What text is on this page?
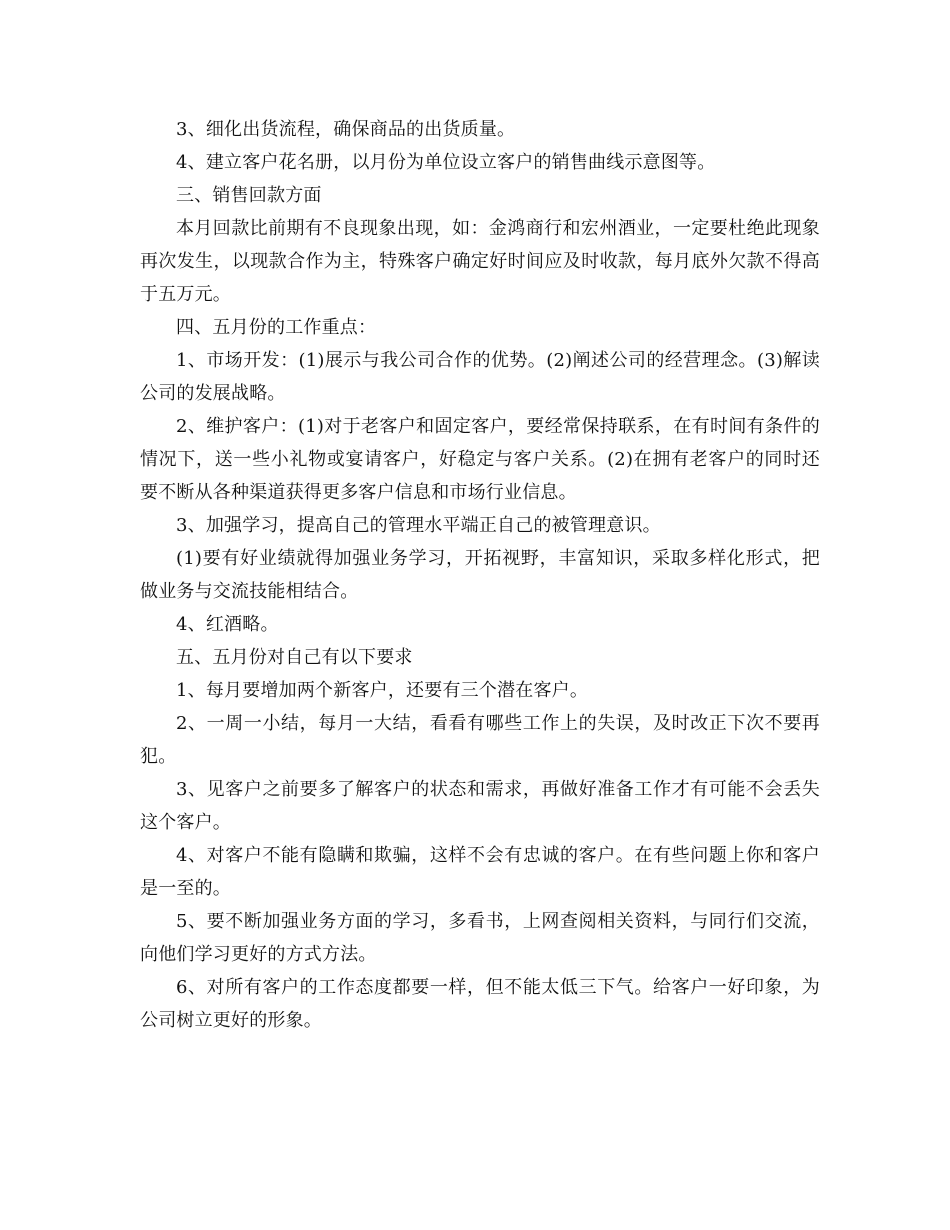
3、细化出货流程，确保商品的出货质量。

4、建立客户花名册，以月份为单位设立客户的销售曲线示意图等。

三、销售回款方面

本月回款比前期有不良现象出现，如：金鸿商行和宏州酒业，一定要杜绝此现象再次发生，以现款合作为主，特殊客户确定好时间应及时收款，每月底外欠款不得高于五万元。

四、五月份的工作重点：

1、市场开发：(1)展示与我公司合作的优势。(2)阐述公司的经营理念。(3)解读公司的发展战略。

2、维护客户：(1)对于老客户和固定客户，要经常保持联系，在有时间有条件的情况下，送一些小礼物或宴请客户，好稳定与客户关系。(2)在拥有老客户的同时还要不断从各种渠道获得更多客户信息和市场行业信息。

3、加强学习，提高自己的管理水平端正自己的被管理意识。

(1)要有好业绩就得加强业务学习，开拓视野，丰富知识，采取多样化形式，把做业务与交流技能相结合。

4、红酒略。

五、五月份对自己有以下要求

1、每月要增加两个新客户，还要有三个潜在客户。

2、一周一小结，每月一大结，看看有哪些工作上的失误，及时改正下次不要再犯。

3、见客户之前要多了解客户的状态和需求，再做好准备工作才有可能不会丢失这个客户。

4、对客户不能有隐瞒和欺骗，这样不会有忠诚的客户。在有些问题上你和客户是一至的。

5、要不断加强业务方面的学习，多看书，上网查阅相关资料，与同行们交流，向他们学习更好的方式方法。

6、对所有客户的工作态度都要一样，但不能太低三下气。给客户一好印象，为公司树立更好的形象。
